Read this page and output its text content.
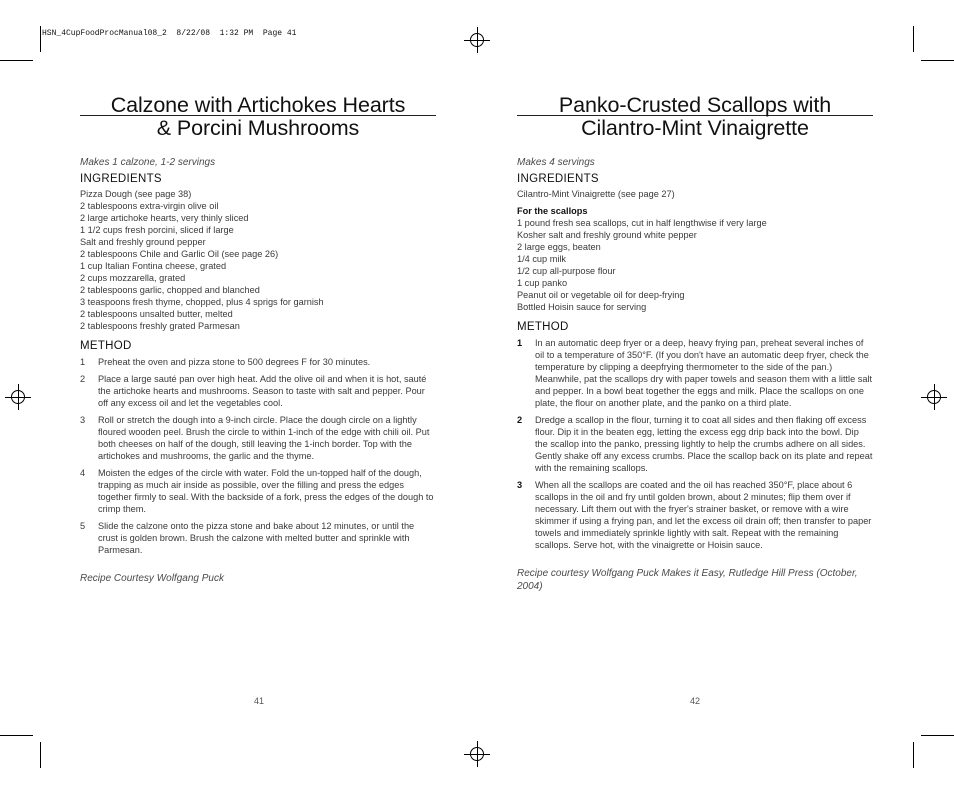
HSN_4CupFoodProcManual08_2  8/22/08  1:32 PM  Page 41
Calzone with Artichokes Hearts
& Porcini Mushrooms
Makes 1 calzone, 1-2 servings
INGREDIENTS
Pizza Dough (see page 38)
2 tablespoons extra-virgin olive oil
2 large artichoke hearts, very thinly sliced
1 1/2 cups fresh porcini, sliced if large
Salt and freshly ground pepper
2 tablespoons Chile and Garlic Oil (see page 26)
1 cup Italian Fontina cheese, grated
2 cups mozzarella, grated
2 tablespoons garlic, chopped and blanched
3 teaspoons fresh thyme, chopped, plus 4 sprigs for garnish
2 tablespoons unsalted butter, melted
2 tablespoons freshly grated Parmesan
METHOD
1	Preheat the oven and pizza stone to 500 degrees F for 30 minutes.
2	Place a large sauté pan over high heat. Add the olive oil and when it is hot, sauté the artichoke hearts and mushrooms. Season to taste with salt and pepper. Pour off any excess oil and let the vegetables cool.
3	Roll or stretch the dough into a 9-inch circle. Place the dough circle on a lightly floured wooden peel. Brush the circle to within 1-inch of the edge with chili oil. Put both cheeses on half of the dough, still leaving the 1-inch border. Top with the artichokes and mushrooms, the garlic and the thyme.
4	Moisten the edges of the circle with water. Fold the un-topped half of the dough, trapping as much air inside as possible, over the filling and press the edges together firmly to seal. With the backside of a fork, press the edges of the dough to crimp them.
5	Slide the calzone onto the pizza stone and bake about 12 minutes, or until the crust is golden brown. Brush the calzone with melted butter and sprinkle with Parmesan.
Recipe Courtesy Wolfgang Puck
41
Panko-Crusted Scallops with
Cilantro-Mint Vinaigrette
Makes 4 servings
INGREDIENTS
Cilantro-Mint Vinaigrette (see page 27)
For the scallops
1 pound fresh sea scallops, cut in half lengthwise if very large
Kosher salt and freshly ground white pepper
2 large eggs, beaten
1/4 cup milk
1/2 cup all-purpose flour
1 cup panko
Peanut oil or vegetable oil for deep-frying
Bottled Hoisin sauce for serving
METHOD
1	In an automatic deep fryer or a deep, heavy frying pan, preheat several inches of oil to a temperature of 350°F. (If you don't have an automatic deep fryer, check the temperature by clipping a deepfrying thermometer to the side of the pan.) Meanwhile, pat the scallops dry with paper towels and season them with a little salt and pepper. In a bowl beat together the eggs and milk. Place the scallops on one plate, the flour on another plate, and the panko on a third plate.
2	Dredge a scallop in the flour, turning it to coat all sides and then flaking off excess flour. Dip it in the beaten egg, letting the excess egg drip back into the bowl. Dip the scallop into the panko, pressing lightly to help the crumbs adhere on all sides. Gently shake off any excess crumbs. Place the scallop back on its plate and repeat with the remaining scallops.
3	When all the scallops are coated and the oil has reached 350°F, place about 6 scallops in the oil and fry until golden brown, about 2 minutes; flip them over if necessary. Lift them out with the fryer's strainer basket, or remove with a wire skimmer if using a frying pan, and let the excess oil drain off; then transfer to paper towels and immediately sprinkle lightly with salt. Repeat with the remaining scallops. Serve hot, with the vinaigrette or Hoisin sauce.
Recipe courtesy Wolfgang Puck Makes it Easy, Rutledge Hill Press (October, 2004)
42
